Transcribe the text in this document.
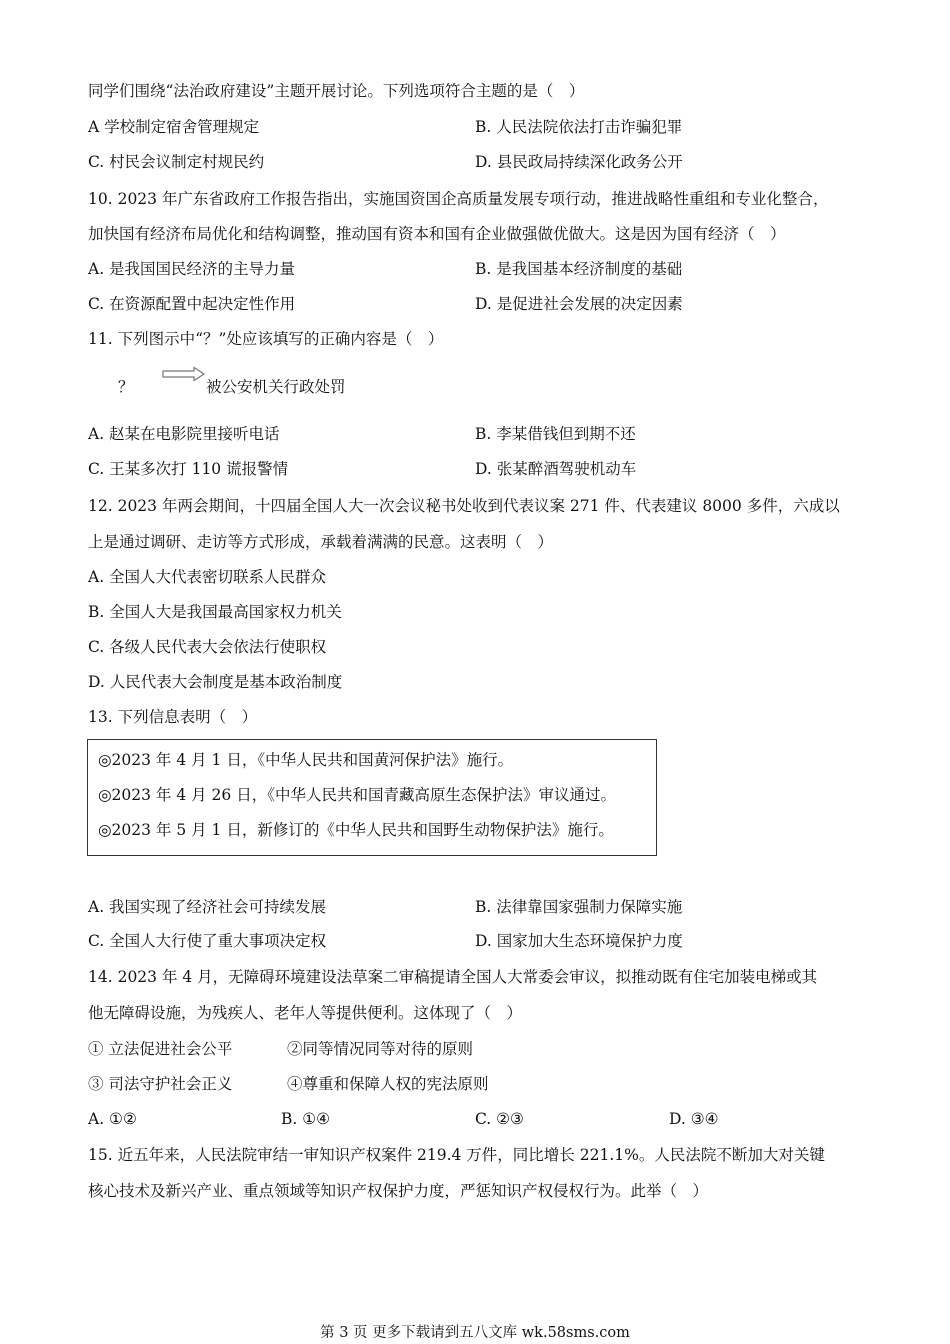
同学们围绕“法治政府建设”主题开展讨论。下列选项符合主题的是（　）
A 学校制定宿舍管理规定	B. 人民法院依法打击诈骗犯罪
C. 村民会议制定村规民约	D. 县民政局持续深化政务公开
10. 2023 年广东省政府工作报告指出，实施国资国企高质量发展专项行动，推进战略性重组和专业化整合，
加快国有经济布局优化和结构调整，推动国有资本和国有企业做强做优做大。这是因为国有经济（　）
A. 是我国国民经济的主导力量	B. 是我国基本经济制度的基础
C. 在资源配置中起决定性作用	D. 是促进社会发展的决定因素
11. 下列图示中“？”处应该填写的正确内容是（　）
？	被公安机关行政处罚
A. 赵某在电影院里接听电话	B. 李某借钱但到期不还
C. 王某多次打 110 谎报警情	D. 张某醉酒驾驶机动车
12. 2023 年两会期间，十四届全国人大一次会议秘书处收到代表议案 271 件、代表建议 8000 多件，六成以
上是通过调研、走访等方式形成，承载着满满的民意。这表明（　）
A. 全国人大代表密切联系人民群众
B. 全国人大是我国最高国家权力机关
C. 各级人民代表大会依法行使职权
D. 人民代表大会制度是基本政治制度
13. 下列信息表明（　）
◎2023 年 4 月 1 日，《中华人民共和国黄河保护法》施行。
◎2023 年 4 月 26 日，《中华人民共和国青藏高原生态保护法》审议通过。
◎2023 年 5 月 1 日，新修订的《中华人民共和国野生动物保护法》施行。
A. 我国实现了经济社会可持续发展	B. 法律靠国家强制力保障实施
C. 全国人大行使了重大事项决定权	D. 国家加大生态环境保护力度
14. 2023 年 4 月，无障碍环境建设法草案二审稿提请全国人大常委会审议，拟推动既有住宅加装电梯或其
他无障碍设施，为残疾人、老年人等提供便利。这体现了（　）
① 立法促进社会公平	②同等情况同等对待的原则
③ 司法守护社会正义	④尊重和保障人权的宪法原则
A. ①②	B. ①④	C. ②③	D. ③④
15. 近五年来，人民法院审结一审知识产权案件 219.4 万件，同比增长 221.1%。人民法院不断加大对关键
核心技术及新兴产业、重点领域等知识产权保护力度，严惩知识产权侵权行为。此举（　）
第 3 页 更多下载请到五八文库 wk.58sms.com
